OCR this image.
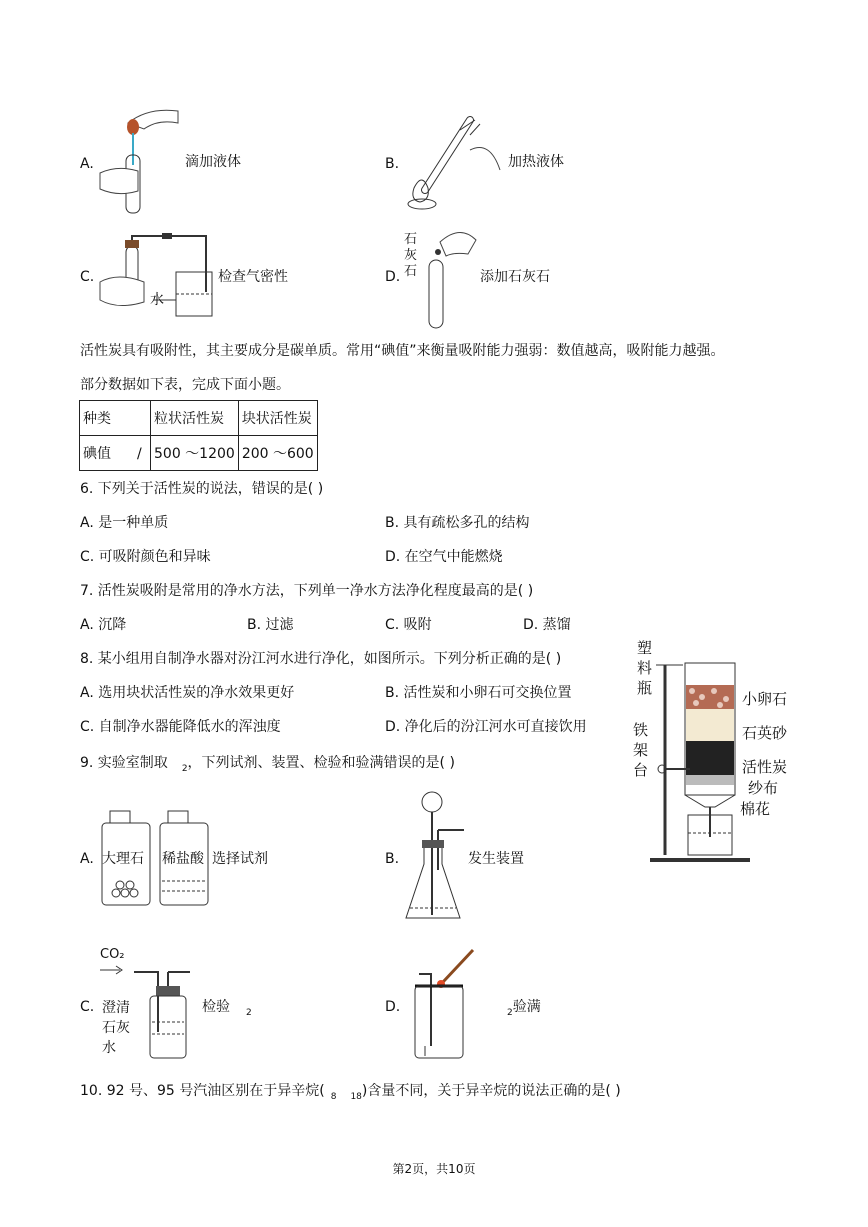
A.	滴加液体	B.	加热液体
C.
水
检查气密性	D.
石
灰
石	添加石灰石
活性炭具有吸附性，其主要成分是碳单质。常用“碘值”来衡量吸附能力强弱：数值越高，吸附能力越强。
部分数据如下表，完成下面小题。
种类	粒状活性炭	块状活性炭
碘值 /	500 ～1200	200 ～600
6. 下列关于活性炭的说法，错误的是( )
A. 是一种单质	B. 具有疏松多孔的结构
C. 可吸附颜色和异味	D. 在空气中能燃烧
7. 活性炭吸附是常用的净水方法，下列单一净水方法净化程度最高的是( )
A. 沉降	B. 过滤	C. 吸附	D. 蒸馏
8. 某小组用自制净水器对汾江河水进行净化，如图所示。下列分析正确的是( )
A. 选用块状活性炭的净水效果更好	B. 活性炭和小卵石可交换位置
C. 自制净水器能降低水的浑浊度	D. 净化后的汾江河水可直接饮用
塑
料
瓶
铁
架
台
小卵石
石英砂
活性炭
纱布
棉花
9. 实验室制取 $_2$，下列试剂、装置、检验和验满错误的是( )
A. 大理石 稀盐酸 选择试剂	B.	发生装置
C.
CO₂
澄清
石灰
水
检验 $_2$	D.	$_2$验满
10. 92 号、95 号汽油区别在于异辛烷( $_8$ $_{18}$)含量不同，关于异辛烷的说法正确的是( )
第2页，共10页
